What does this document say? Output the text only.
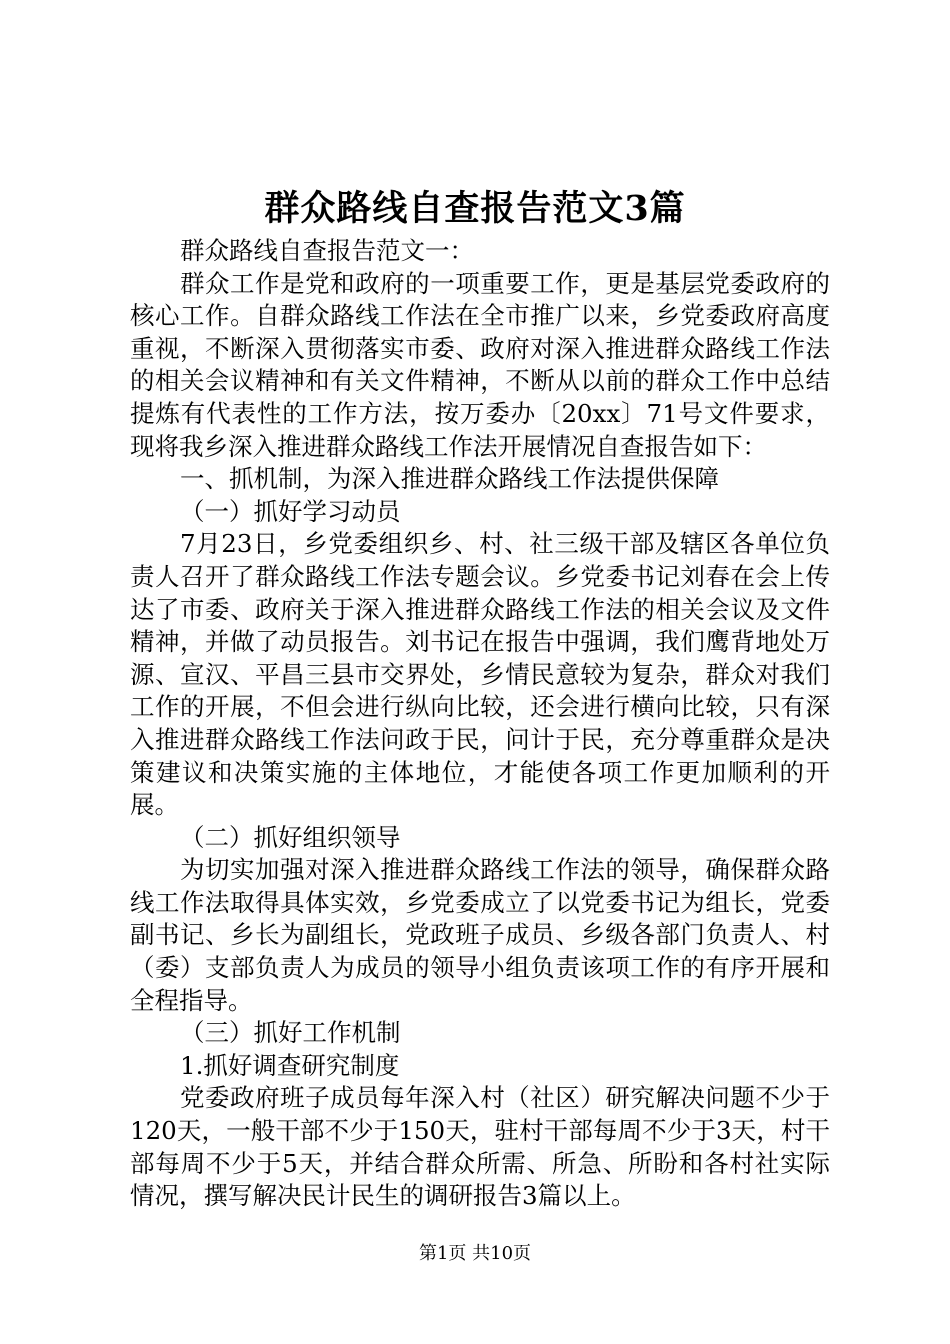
群众路线自查报告范文3篇

群众路线自查报告范文一：

群众工作是党和政府的一项重要工作，更是基层党委政府的核心工作。自群众路线工作法在全市推广以来，乡党委政府高度重视，不断深入贯彻落实市委、政府对深入推进群众路线工作法的相关会议精神和有关文件精神，不断从以前的群众工作中总结提炼有代表性的工作方法，按万委办〔20xx〕71号文件要求，现将我乡深入推进群众路线工作法开展情况自查报告如下：

一、抓机制，为深入推进群众路线工作法提供保障

（一）抓好学习动员

7月23日，乡党委组织乡、村、社三级干部及辖区各单位负责人召开了群众路线工作法专题会议。乡党委书记刘春在会上传达了市委、政府关于深入推进群众路线工作法的相关会议及文件精神，并做了动员报告。刘书记在报告中强调，我们鹰背地处万源、宣汉、平昌三县市交界处，乡情民意较为复杂，群众对我们工作的开展，不但会进行纵向比较，还会进行横向比较，只有深入推进群众路线工作法问政于民，问计于民，充分尊重群众是决策建议和决策实施的主体地位，才能使各项工作更加顺利的开展。

（二）抓好组织领导

为切实加强对深入推进群众路线工作法的领导，确保群众路线工作法取得具体实效，乡党委成立了以党委书记为组长，党委副书记、乡长为副组长，党政班子成员、乡级各部门负责人、村（委）支部负责人为成员的领导小组负责该项工作的有序开展和全程指导。

（三）抓好工作机制

1.抓好调查研究制度

党委政府班子成员每年深入村（社区）研究解决问题不少于120天，一般干部不少于150天，驻村干部每周不少于3天，村干部每周不少于5天，并结合群众所需、所急、所盼和各村社实际情况，撰写解决民计民生的调研报告3篇以上。

第1页 共10页
